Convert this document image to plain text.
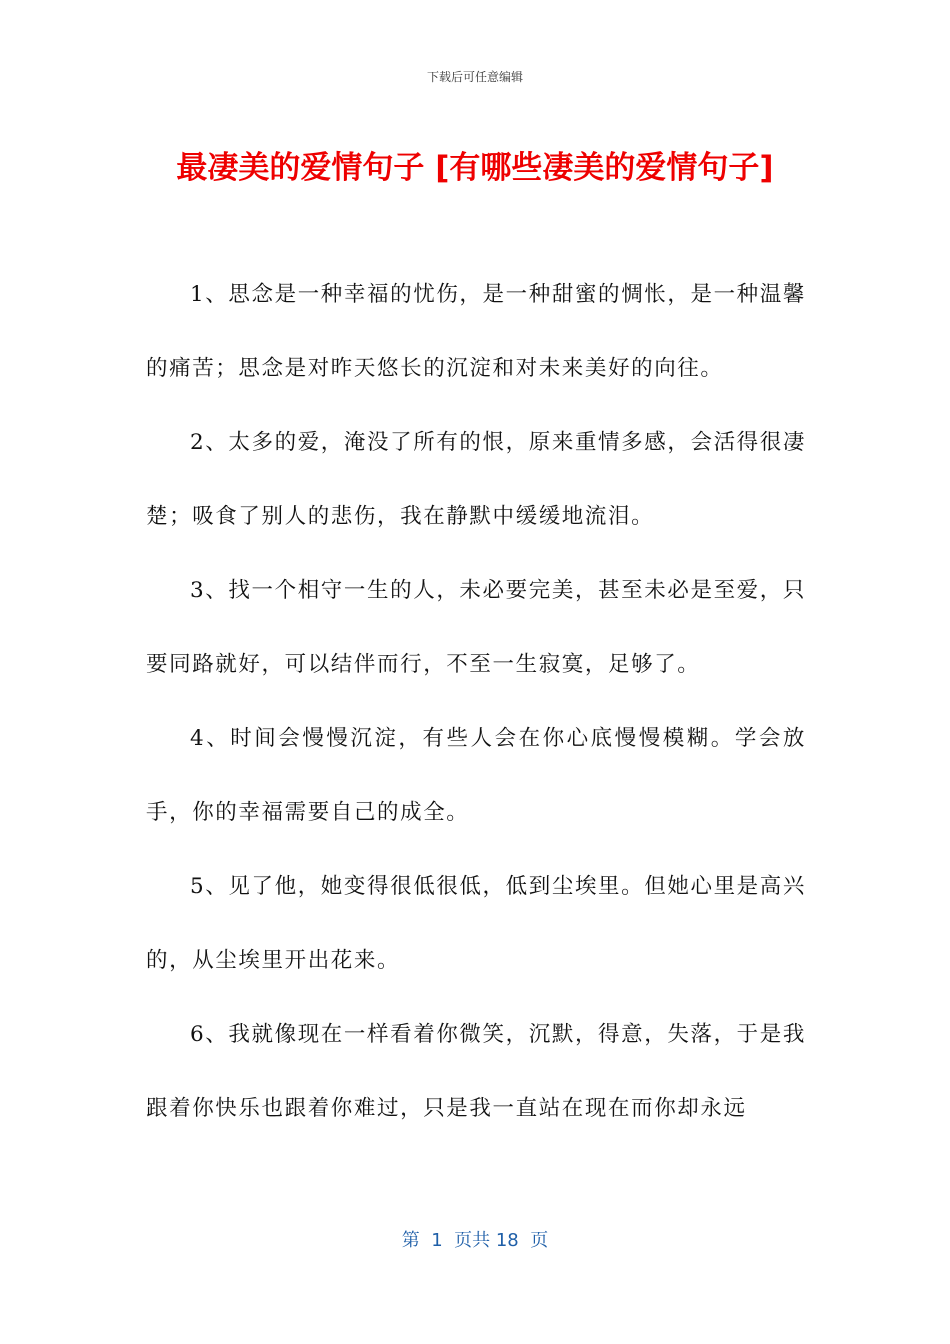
下载后可任意编辑
最凄美的爱情句子 [有哪些凄美的爱情句子]

1、思念是一种幸福的忧伤，是一种甜蜜的惆怅，是一种温馨的痛苦；思念是对昨天悠长的沉淀和对未来美好的向往。

2、太多的爱，淹没了所有的恨，原来重情多感，会活得很凄楚；吸食了别人的悲伤，我在静默中缓缓地流泪。

3、找一个相守一生的人，未必要完美，甚至未必是至爱，只要同路就好，可以结伴而行，不至一生寂寞，足够了。

4、时间会慢慢沉淀，有些人会在你心底慢慢模糊。学会放手，你的幸福需要自己的成全。

5、见了他，她变得很低很低，低到尘埃里。但她心里是高兴的，从尘埃里开出花来。

6、我就像现在一样看着你微笑，沉默，得意，失落，于是我跟着你快乐也跟着你难过，只是我一直站在现在而你却永远

第  1  页共 18  页
